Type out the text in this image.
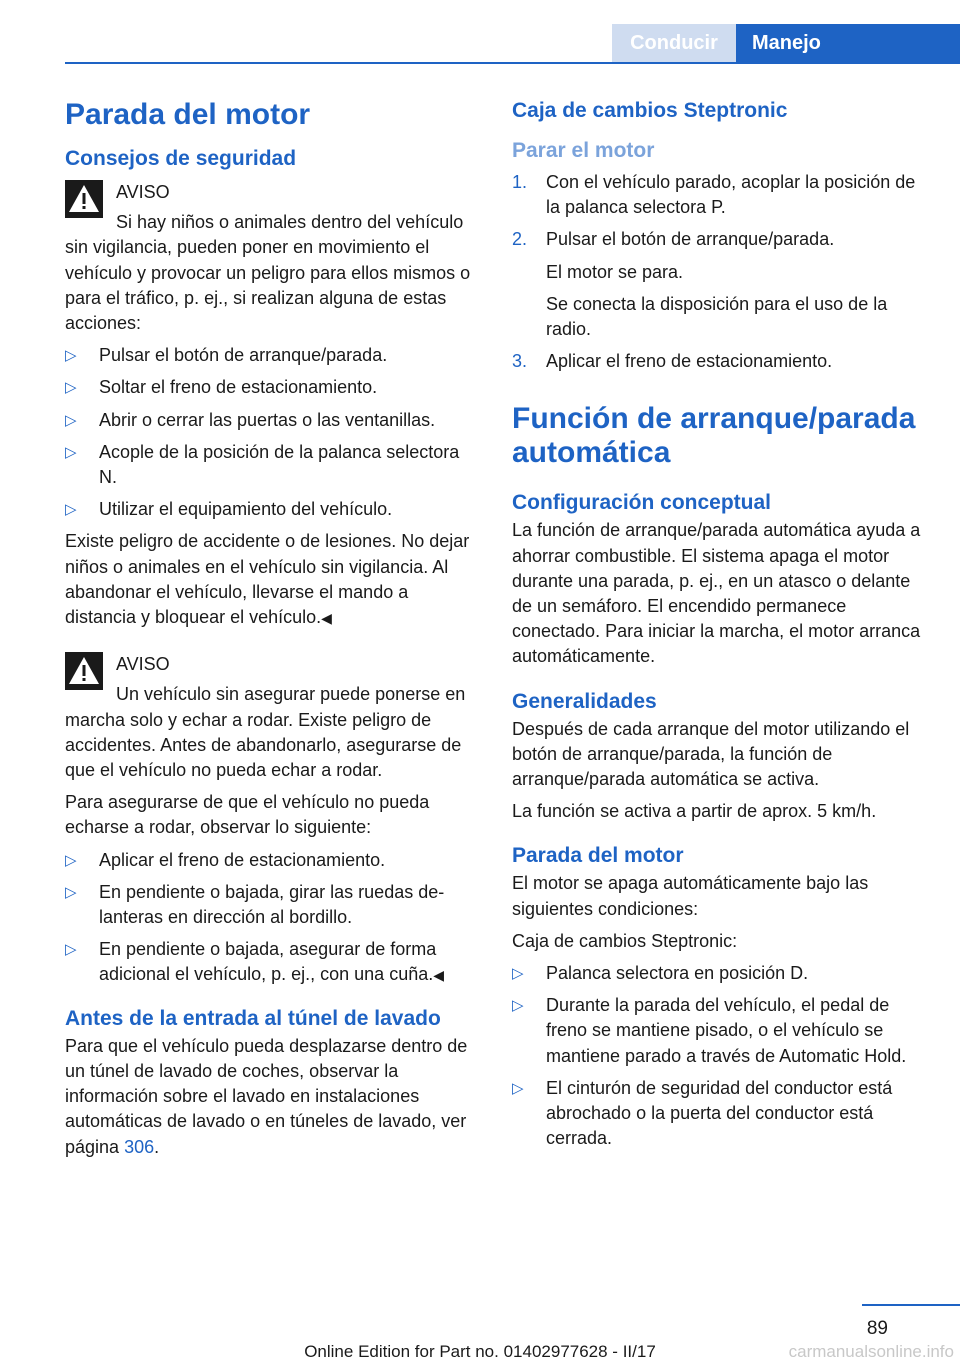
Conducir	Manejo
Parada del motor
Consejos de seguridad

AVISO

Si hay niños o animales dentro del vehículo sin vigilancia, pueden poner en movimiento el vehículo y provocar un peligro para ellos mismos o para el tráfico, p. ej., si realizan alguna de estas acciones:

▷ Pulsar el botón de arranque/parada.
▷ Soltar el freno de estacionamiento.
▷ Abrir o cerrar las puertas o las ventanillas.
▷ Acople de la posición de la palanca selectora N.
▷ Utilizar el equipamiento del vehículo.

Existe peligro de accidente o de lesiones. No dejar niños o animales en el vehículo sin vigilancia. Al abandonar el vehículo, llevarse el mando a distancia y bloquear el vehículo.◀

AVISO

Un vehículo sin asegurar puede ponerse en marcha solo y echar a rodar. Existe peligro de accidentes. Antes de abandonarlo, asegurarse de que el vehículo no pueda echar a rodar.

Para asegurarse de que el vehículo no pueda echarse a rodar, observar lo siguiente:

▷ Aplicar el freno de estacionamiento.
▷ En pendiente o bajada, girar las ruedas delanteras en dirección al bordillo.
▷ En pendiente o bajada, asegurar de forma adicional el vehículo, p. ej., con una cuña.◀
Antes de la entrada al túnel de lavado

Para que el vehículo pueda desplazarse dentro de un túnel de lavado de coches, observar la información sobre el lavado en instalaciones automáticas de lavado o en túneles de lavado, ver página 306.

Caja de cambios Steptronic
Parar el motor
1. Con el vehículo parado, acoplar la posición de la palanca selectora P.
2. Pulsar el botón de arranque/parada.
El motor se para.
Se conecta la disposición para el uso de la radio.
3. Aplicar el freno de estacionamiento.
Función de arranque/parada automática
Configuración conceptual

La función de arranque/parada automática ayuda a ahorrar combustible. El sistema apaga el motor durante una parada, p. ej., en un atasco o delante de un semáforo. El encendido permanece conectado. Para iniciar la marcha, el motor arranca automáticamente.

Generalidades

Después de cada arranque del motor utilizando el botón de arranque/parada, la función de arranque/parada automática se activa.

La función se activa a partir de aprox. 5 km/h.

Parada del motor

El motor se apaga automáticamente bajo las siguientes condiciones:

Caja de cambios Steptronic:

▷ Palanca selectora en posición D.
▷ Durante la parada del vehículo, el pedal de freno se mantiene pisado, o el vehículo se mantiene parado a través de Automatic Hold.
▷ El cinturón de seguridad del conductor está abrochado o la puerta del conductor está cerrada.
89
Online Edition for Part no. 01402977628 - II/17	carmanualsonline.info
